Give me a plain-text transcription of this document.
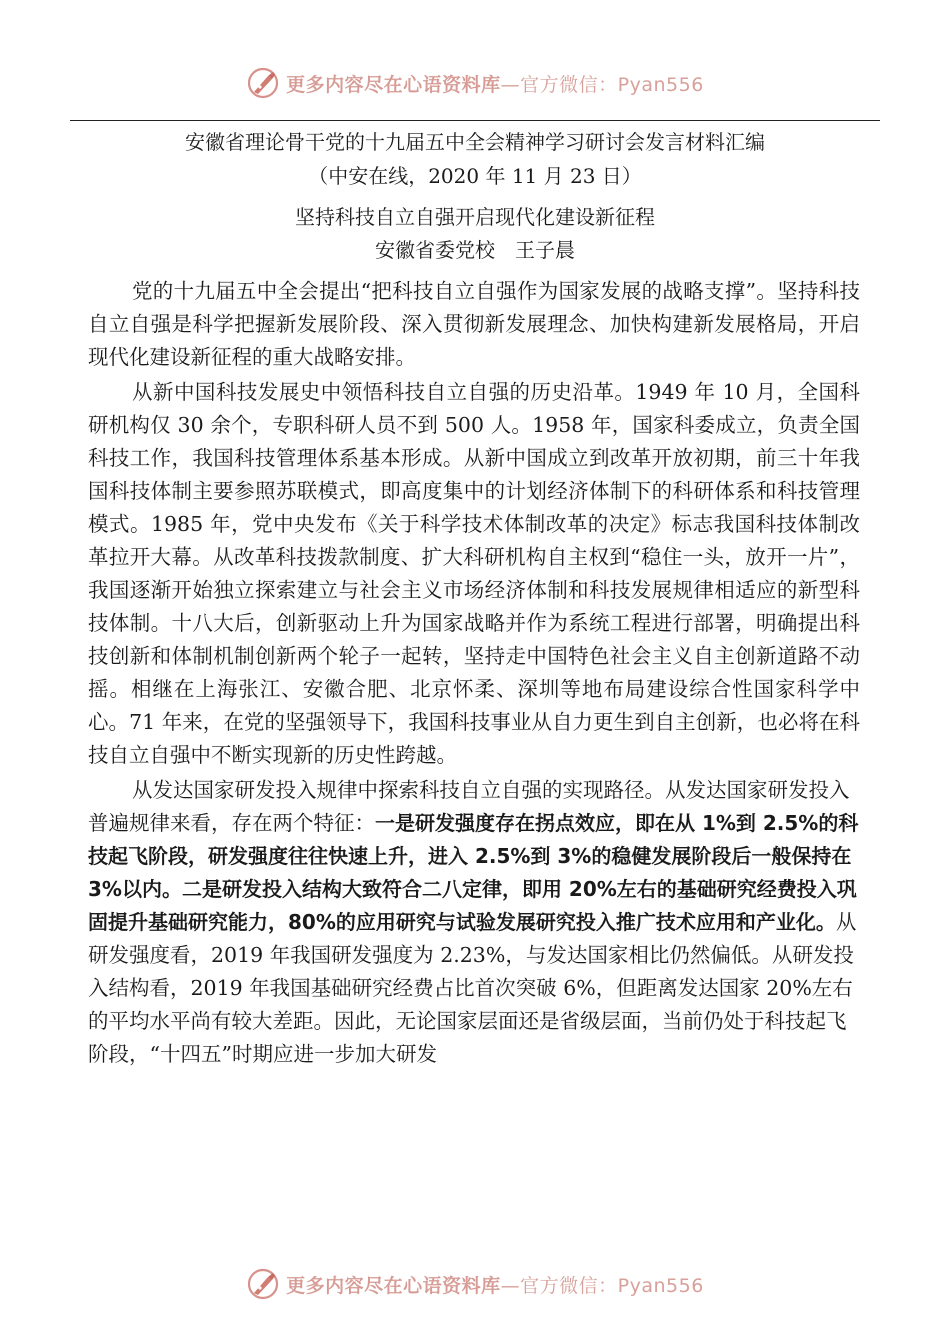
更多内容尽在心语资料库—官方微信：Pyan556
安徽省理论骨干党的十九届五中全会精神学习研讨会发言材料汇编
（中安在线，2020 年 11 月 23 日）
坚持科技自立自强开启现代化建设新征程
安徽省委党校　王子晨

党的十九届五中全会提出“把科技自立自强作为国家发展的战略支撑”。坚持科技自立自强是科学把握新发展阶段、深入贯彻新发展理念、加快构建新发展格局，开启现代化建设新征程的重大战略安排。

从新中国科技发展史中领悟科技自立自强的历史沿革。1949 年 10 月，全国科研机构仅 30 余个，专职科研人员不到 500 人。1958 年，国家科委成立，负责全国科技工作，我国科技管理体系基本形成。从新中国成立到改革开放初期，前三十年我国科技体制主要参照苏联模式，即高度集中的计划经济体制下的科研体系和科技管理模式。1985 年，党中央发布《关于科学技术体制改革的决定》标志我国科技体制改革拉开大幕。从改革科技拨款制度、扩大科研机构自主权到“稳住一头，放开一片”，我国逐渐开始独立探索建立与社会主义市场经济体制和科技发展规律相适应的新型科技体制。十八大后，创新驱动上升为国家战略并作为系统工程进行部署，明确提出科技创新和体制机制创新两个轮子一起转，坚持走中国特色社会主义自主创新道路不动摇。相继在上海张江、安徽合肥、北京怀柔、深圳等地布局建设综合性国家科学中心。71 年来，在党的坚强领导下，我国科技事业从自力更生到自主创新，也必将在科技自立自强中不断实现新的历史性跨越。

从发达国家研发投入规律中探索科技自立自强的实现路径。从发达国家研发投入普遍规律来看，存在两个特征：一是研发强度存在拐点效应，即在从 1%到 2.5%的科技起飞阶段，研发强度往往快速上升，进入 2.5%到 3%的稳健发展阶段后一般保持在 3%以内。二是研发投入结构大致符合二八定律，即用 20%左右的基础研究经费投入巩固提升基础研究能力，80%的应用研究与试验发展研究投入推广技术应用和产业化。从研发强度看，2019 年我国研发强度为 2.23%，与发达国家相比仍然偏低。从研发投入结构看，2019 年我国基础研究经费占比首次突破 6%，但距离发达国家 20%左右的平均水平尚有较大差距。因此，无论国家层面还是省级层面，当前仍处于科技起飞阶段，“十四五”时期应进一步加大研发

更多内容尽在心语资料库—官方微信：Pyan556
